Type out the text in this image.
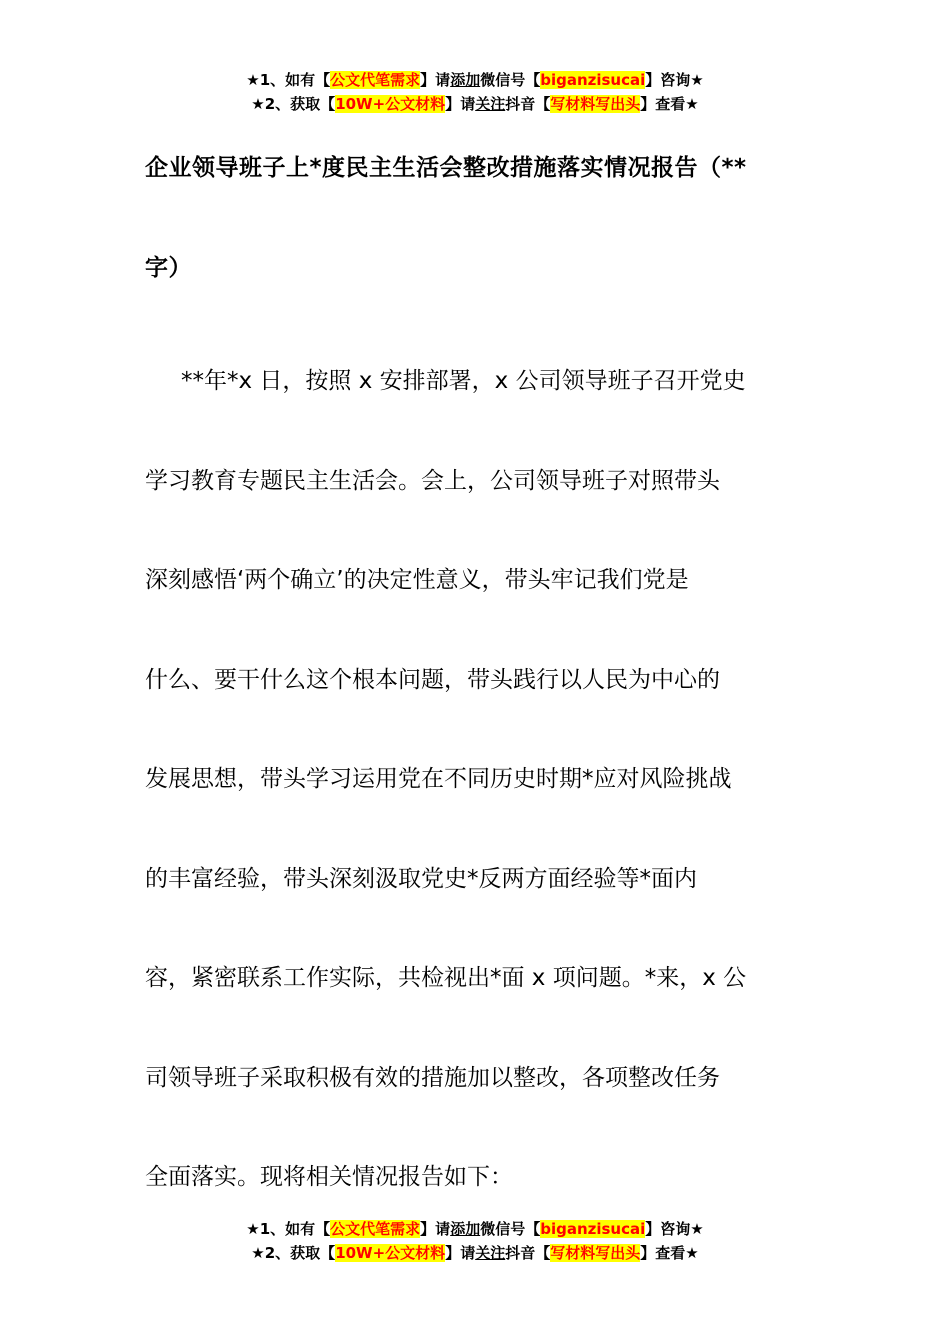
★1、如有【公文代笔需求】请添加微信号【biganzisucai】咨询★
★2、获取【10W+公文材料】请关注抖音【写材料写出头】查看★
企业领导班子上*度民主生活会整改措施落实情况报告（**
字）
**年*x 日，按照 x 安排部署，x 公司领导班子召开党史
学习教育专题民主生活会。会上，公司领导班子对照带头
深刻感悟‘两个确立’的决定性意义，带头牢记我们党是
什么、要干什么这个根本问题，带头践行以人民为中心的
发展思想，带头学习运用党在不同历史时期*应对风险挑战
的丰富经验，带头深刻汲取党史*反两方面经验等*面内
容，紧密联系工作实际，共检视出*面 x 项问题。*来，x 公
司领导班子采取积极有效的措施加以整改，各项整改任务
全面落实。现将相关情况报告如下：
★1、如有【公文代笔需求】请添加微信号【biganzisucai】咨询★
★2、获取【10W+公文材料】请关注抖音【写材料写出头】查看★
